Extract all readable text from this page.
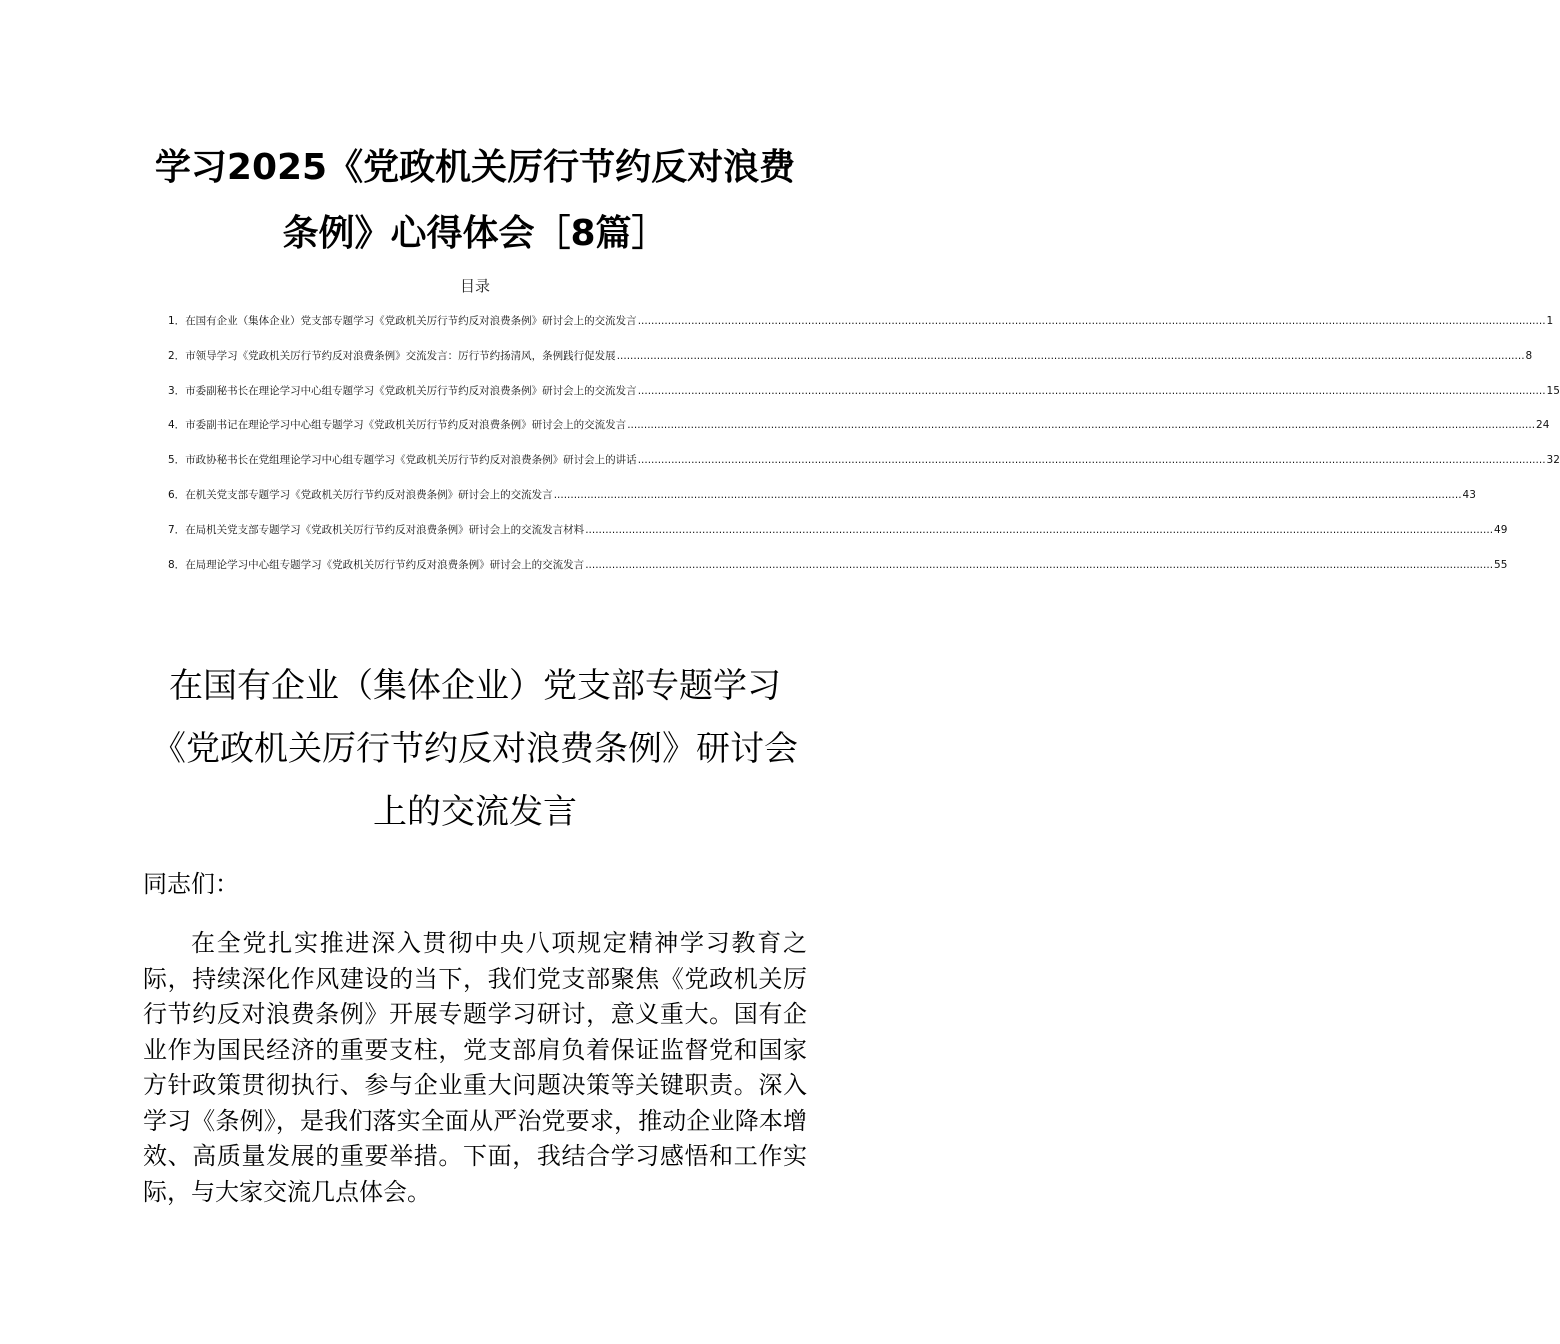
学习2025《党政机关厉行节约反对浪费条例》心得体会［8篇］
目录
1． 在国有企业（集体企业）党支部专题学习《党政机关厉行节约反对浪费条例》研讨会上的交流发言 .....	1
2． 市领导学习《党政机关厉行节约反对浪费条例》交流发言：厉行节约扬清风，条例践行促发展 .....	8
3． 市委副秘书长在理论学习中心组专题学习《党政机关厉行节约反对浪费条例》研讨会上的交流发言 .....	15
4． 市委副书记在理论学习中心组专题学习《党政机关厉行节约反对浪费条例》研讨会上的交流发言 .....	24
5． 市政协秘书长在党组理论学习中心组专题学习《党政机关厉行节约反对浪费条例》研讨会上的讲话 .....	32
6． 在机关党支部专题学习《党政机关厉行节约反对浪费条例》研讨会上的交流发言 .....	43
7． 在局机关党支部专题学习《党政机关厉行节约反对浪费条例》研讨会上的交流发言材料 .....	49
8． 在局理论学习中心组专题学习《党政机关厉行节约反对浪费条例》研讨会上的交流发言 .....	55
在国有企业（集体企业）党支部专题学习《党政机关厉行节约反对浪费条例》研讨会上的交流发言

同志们：

在全党扎实推进深入贯彻中央八项规定精神学习教育之际，持续深化作风建设的当下，我们党支部聚焦《党政机关厉行节约反对浪费条例》开展专题学习研讨，意义重大。国有企业作为国民经济的重要支柱，党支部肩负着保证监督党和国家方针政策贯彻执行、参与企业重大问题决策等关键职责。深入学习《条例》，是我们落实全面从严治党要求，推动企业降本增效、高质量发展的重要举措。下面，我结合学习感悟和工作实际，与大家交流几点体会。
